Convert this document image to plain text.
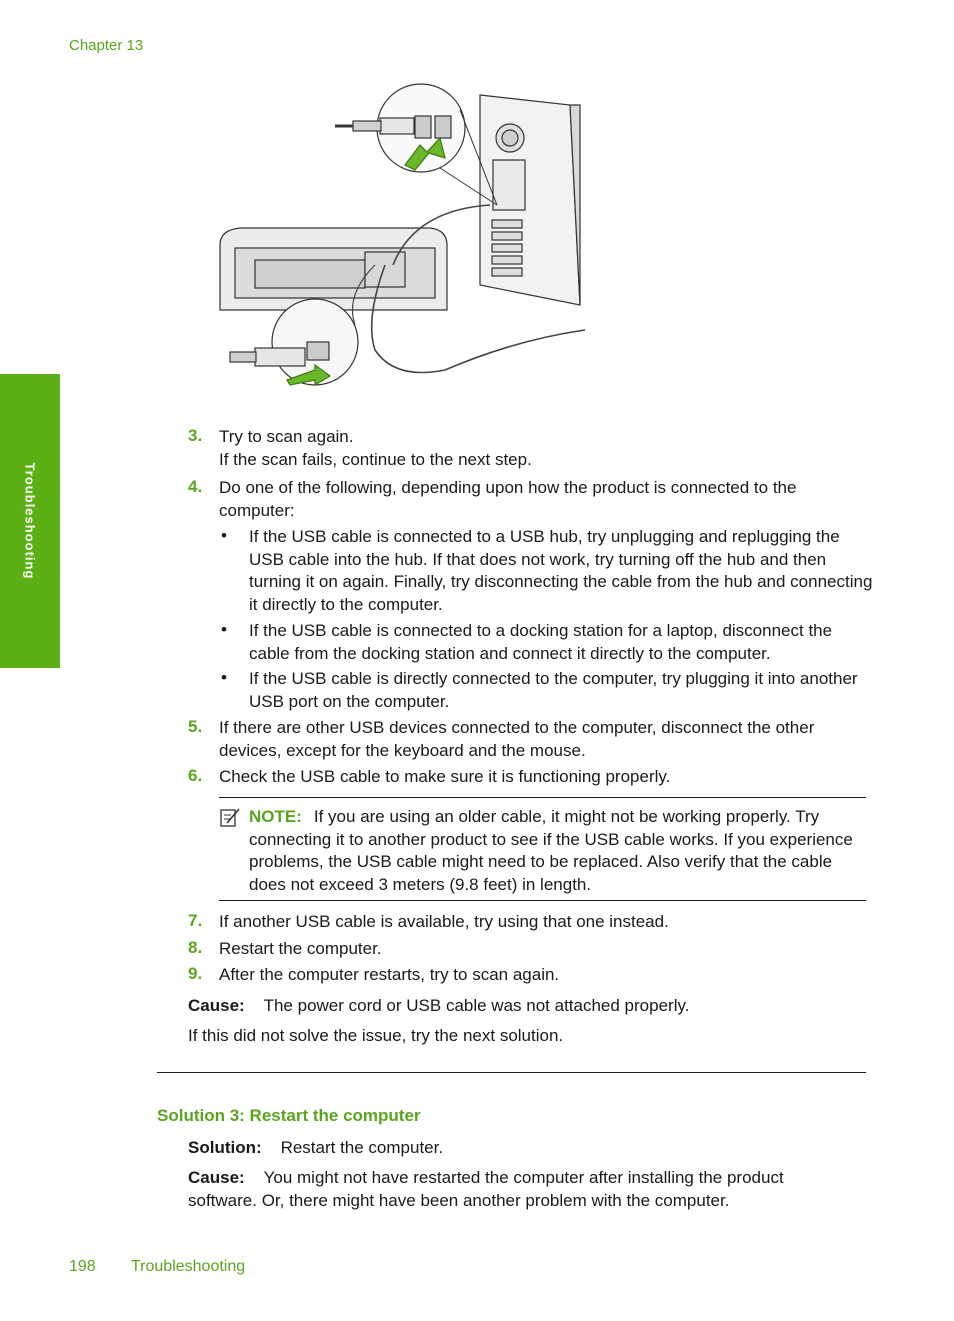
Chapter 13
Troubleshooting
3. Try to scan again.
If the scan fails, continue to the next step.
4. Do one of the following, depending upon how the product is connected to the computer:
• If the USB cable is connected to a USB hub, try unplugging and replugging the USB cable into the hub. If that does not work, try turning off the hub and then turning it on again. Finally, try disconnecting the cable from the hub and connecting it directly to the computer.
• If the USB cable is connected to a docking station for a laptop, disconnect the cable from the docking station and connect it directly to the computer.
• If the USB cable is directly connected to the computer, try plugging it into another USB port on the computer.
5. If there are other USB devices connected to the computer, disconnect the other devices, except for the keyboard and the mouse.
6. Check the USB cable to make sure it is functioning properly.
NOTE: If you are using an older cable, it might not be working properly. Try connecting it to another product to see if the USB cable works. If you experience problems, the USB cable might need to be replaced. Also verify that the cable does not exceed 3 meters (9.8 feet) in length.
7. If another USB cable is available, try using that one instead.
8. Restart the computer.
9. After the computer restarts, try to scan again.
Cause: The power cord or USB cable was not attached properly.
If this did not solve the issue, try the next solution.
Solution 3: Restart the computer
Solution: Restart the computer.
Cause: You might not have restarted the computer after installing the product software. Or, there might have been another problem with the computer.
198 Troubleshooting
